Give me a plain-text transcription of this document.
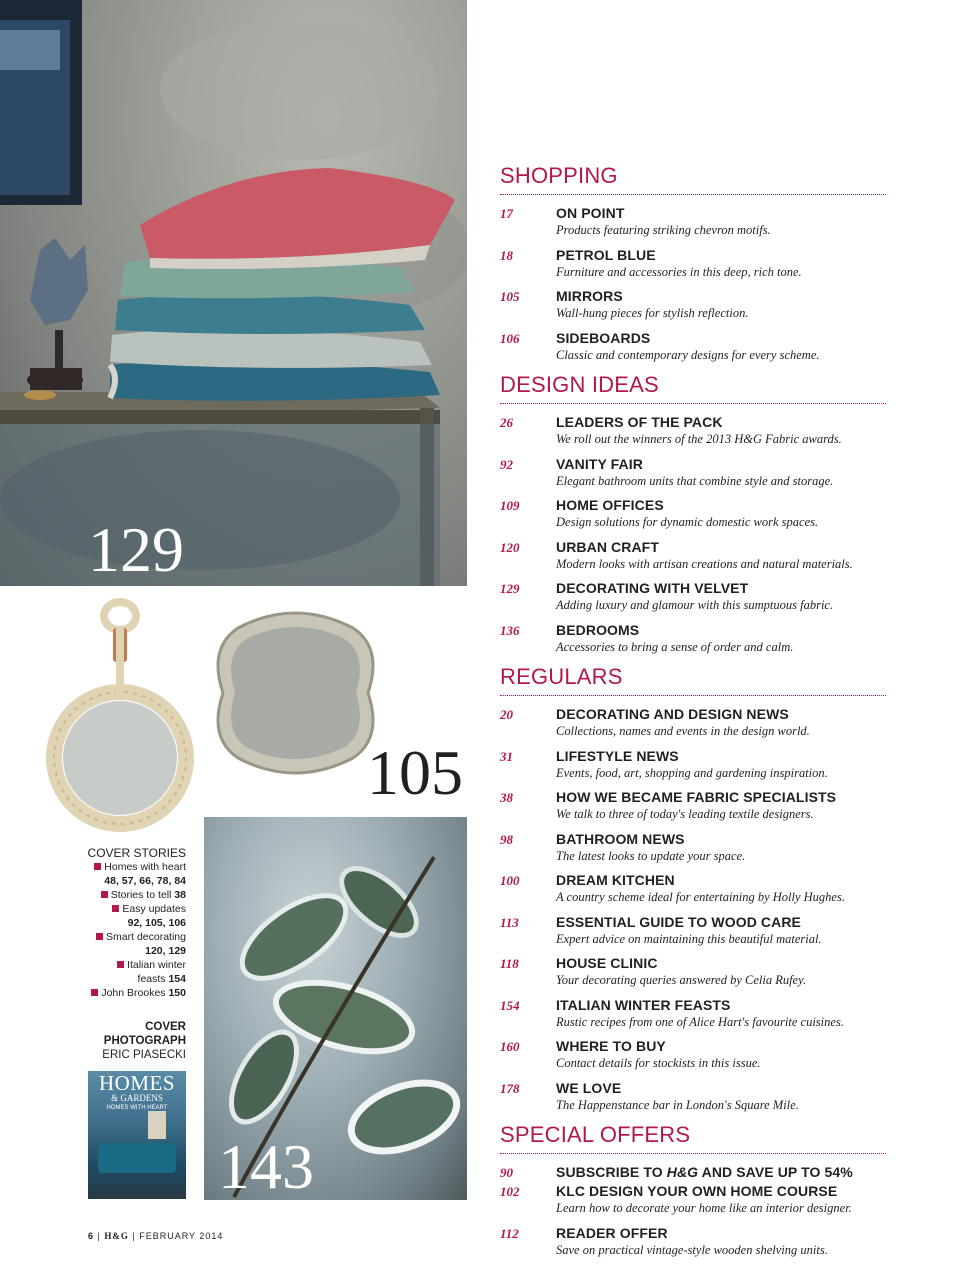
129
105
143
COVER STORIES
Homes with heart
48, 57, 66, 78, 84
Stories to tell 38
Easy updates
92, 105, 106
Smart decorating
120, 129
Italian winter
feasts 154
John Brookes 150
COVER
PHOTOGRAPH
ERIC PIASECKI
HOMES
& GARDENS
HOMES WITH HEART
6 | H&G | FEBRUARY 2014
SHOPPING
17	ON POINT
Products featuring striking chevron motifs.
18	PETROL BLUE
Furniture and accessories in this deep, rich tone.
105	MIRRORS
Wall-hung pieces for stylish reflection.
106	SIDEBOARDS
Classic and contemporary designs for every scheme.
DESIGN IDEAS
26	LEADERS OF THE PACK
We roll out the winners of the 2013 H&G Fabric awards.
92	VANITY FAIR
Elegant bathroom units that combine style and storage.
109	HOME OFFICES
Design solutions for dynamic domestic work spaces.
120	URBAN CRAFT
Modern looks with artisan creations and natural materials.
129	DECORATING WITH VELVET
Adding luxury and glamour with this sumptuous fabric.
136	BEDROOMS
Accessories to bring a sense of order and calm.
REGULARS
20	DECORATING AND DESIGN NEWS
Collections, names and events in the design world.
31	LIFESTYLE NEWS
Events, food, art, shopping and gardening inspiration.
38	HOW WE BECAME FABRIC SPECIALISTS
We talk to three of today's leading textile designers.
98	BATHROOM NEWS
The latest looks to update your space.
100	DREAM KITCHEN
A country scheme ideal for entertaining by Holly Hughes.
113	ESSENTIAL GUIDE TO WOOD CARE
Expert advice on maintaining this beautiful material.
118	HOUSE CLINIC
Your decorating queries answered by Celia Rufey.
154	ITALIAN WINTER FEASTS
Rustic recipes from one of Alice Hart's favourite cuisines.
160	WHERE TO BUY
Contact details for stockists in this issue.
178	WE LOVE
The Happenstance bar in London's Square Mile.
SPECIAL OFFERS
90	SUBSCRIBE TO H&G AND SAVE UP TO 54%
102	KLC DESIGN YOUR OWN HOME COURSE
Learn how to decorate your home like an interior designer.
112	READER OFFER
Save on practical vintage-style wooden shelving units.
